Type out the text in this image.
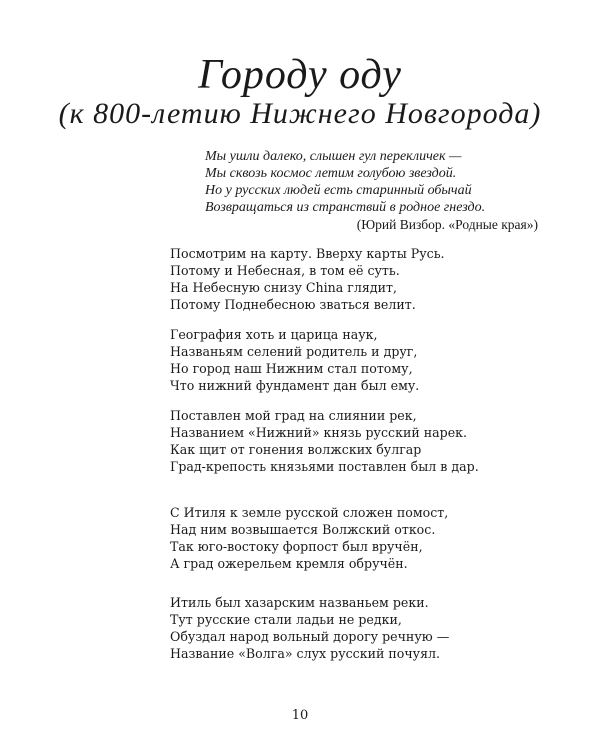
Городу оду
(к 800-летию Нижнего Новгорода)
Мы ушли далеко, слышен гул перекличек —
Мы сквозь космос летим голубою звездой.
Но у русских людей есть старинный обычай
Возвращаться из странствий в родное гнездо.
(Юрий Визбор. «Родные края»)
Посмотрим на карту. Вверху карты Русь.
Потому и Небесная, в том её суть.
На Небесную снизу China глядит,
Потому Поднебесною зваться велит.
География хоть и царица наук,
Названьям селений родитель и друг,
Но город наш Нижним стал потому,
Что нижний фундамент дан был ему.
Поставлен мой град на слиянии рек,
Названием «Нижний» князь русский нарек.
Как щит от гонения волжских булгар
Град-крепость князьями поставлен был в дар.
С Итиля к земле русской сложен помост,
Над ним возвышается Волжский откос.
Так юго-востоку форпост был вручён,
А град ожерельем кремля обручён.
Итиль был хазарским названьем реки.
Тут русские стали ладьи не редки,
Обуздал народ вольный дорогу речную —
Название «Волга» слух русский почуял.
10
